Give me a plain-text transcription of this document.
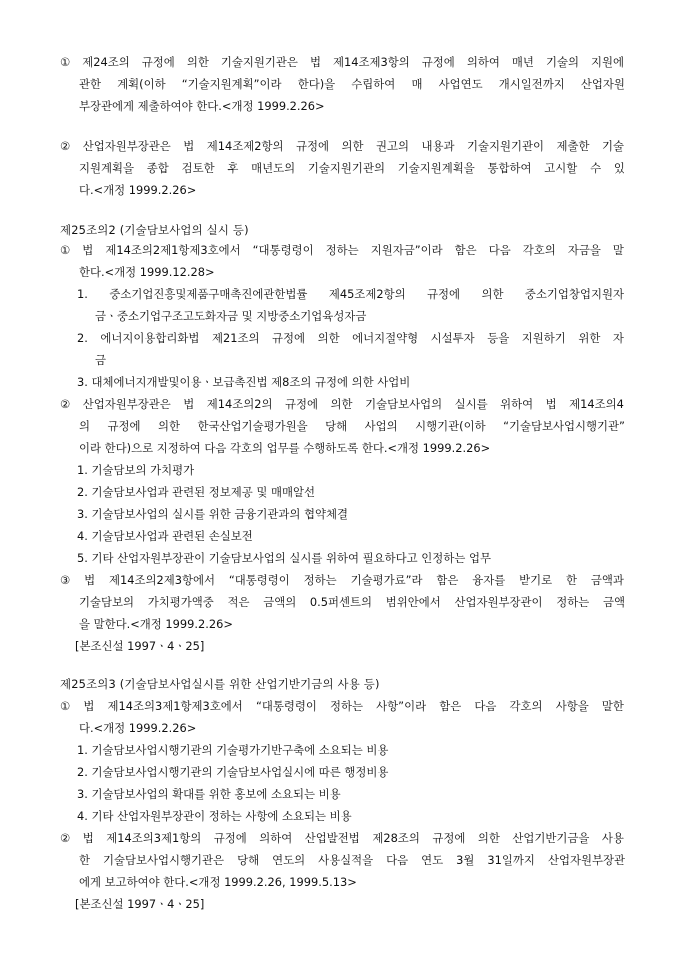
① 제24조의 규정에 의한 기술지원기관은 법 제14조제3항의 규정에 의하여 매년 기술의 지원에
관한 계획(이하 “기술지원계획”이라 한다)을 수립하여 매 사업연도 개시일전까지 산업자원
부장관에게 제출하여야 한다.<개정 1999.2.26>
② 산업자원부장관은 법 제14조제2항의 규정에 의한 권고의 내용과 기술지원기관이 제출한 기술
지원계획을 종합 검토한 후 매년도의 기술지원기관의 기술지원계획을 통합하여 고시할 수 있
다.<개정 1999.2.26>
제25조의2 (기술담보사업의 실시 등)
① 법 제14조의2제1항제3호에서 “대통령령이 정하는 지원자금”이라 함은 다음 각호의 자금을 말
한다.<개정 1999.12.28>
1. 중소기업진흥및제품구매촉진에관한법률 제45조제2항의 규정에 의한 중소기업창업지원자
금ㆍ중소기업구조고도화자금 및 지방중소기업육성자금
2. 에너지이용합리화법 제21조의 규정에 의한 에너지절약형 시설투자 등을 지원하기 위한 자
금
3. 대체에너지개발및이용ㆍ보급촉진법 제8조의 규정에 의한 사업비
② 산업자원부장관은 법 제14조의2의 규정에 의한 기술담보사업의 실시를 위하여 법 제14조의4
의 규정에 의한 한국산업기술평가원을 당해 사업의 시행기관(이하 “기술담보사업시행기관”
이라 한다)으로 지정하여 다음 각호의 업무를 수행하도록 한다.<개정 1999.2.26>
1. 기술담보의 가치평가
2. 기술담보사업과 관련된 정보제공 및 매매알선
3. 기술담보사업의 실시를 위한 금융기관과의 협약체결
4. 기술담보사업과 관련된 손실보전
5. 기타 산업자원부장관이 기술담보사업의 실시를 위하여 필요하다고 인정하는 업무
③ 법 제14조의2제3항에서 “대통령령이 정하는 기술평가료”라 함은 융자를 받기로 한 금액과
기술담보의 가치평가액중 적은 금액의 0.5퍼센트의 범위안에서 산업자원부장관이 정하는 금액
을 말한다.<개정 1999.2.26>
[본조신설 1997ㆍ4ㆍ25]
제25조의3 (기술담보사업실시를 위한 산업기반기금의 사용 등)
① 법 제14조의3제1항제3호에서 “대통령령이 정하는 사항”이라 함은 다음 각호의 사항을 말한
다.<개정 1999.2.26>
1. 기술담보사업시행기관의 기술평가기반구축에 소요되는 비용
2. 기술담보사업시행기관의 기술담보사업실시에 따른 행정비용
3. 기술담보사업의 확대를 위한 홍보에 소요되는 비용
4. 기타 산업자원부장관이 정하는 사항에 소요되는 비용
② 법 제14조의3제1항의 규정에 의하여 산업발전법 제28조의 규정에 의한 산업기반기금을 사용
한 기술담보사업시행기관은 당해 연도의 사용실적을 다음 연도 3월 31일까지 산업자원부장관
에게 보고하여야 한다.<개정 1999.2.26, 1999.5.13>
[본조신설 1997ㆍ4ㆍ25]
